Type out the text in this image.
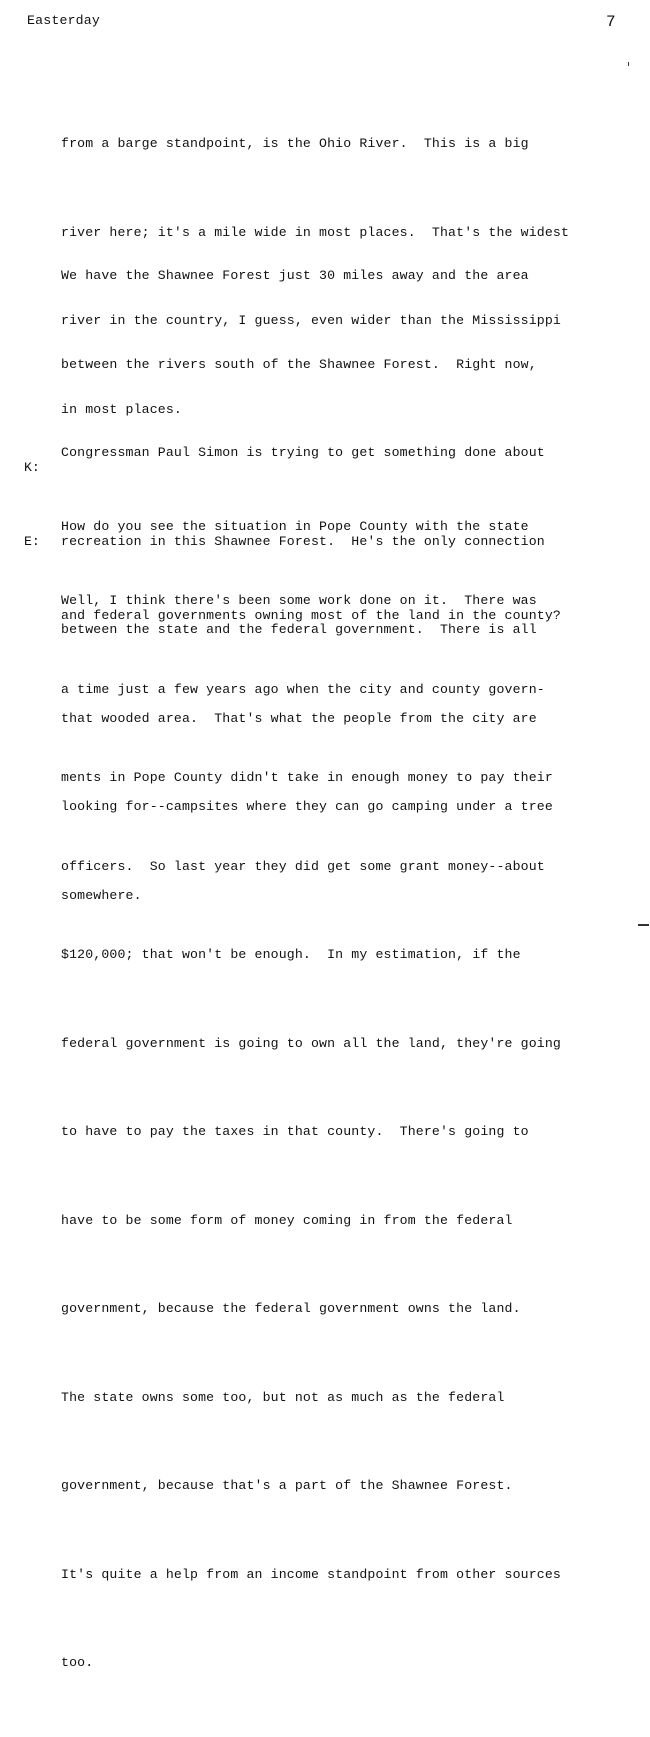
Easterday	7

from a barge standpoint, is the Ohio River.  This is a big

river here; it's a mile wide in most places.  That's the widest

river in the country, I guess, even wider than the Mississippi

in most places.

We have the Shawnee Forest just 30 miles away and the area

between the rivers south of the Shawnee Forest.  Right now,

Congressman Paul Simon is trying to get something done about

recreation in this Shawnee Forest.  He's the only connection

between the state and the federal government.  There is all

that wooded area.  That's what the people from the city are

looking for--campsites where they can go camping under a tree

somewhere.

K:

How do you see the situation in Pope County with the state

and federal governments owning most of the land in the county?

E:

Well, I think there's been some work done on it.  There was

a time just a few years ago when the city and county govern-

ments in Pope County didn't take in enough money to pay their

officers.  So last year they did get some grant money--about

$120,000; that won't be enough.  In my estimation, if the

federal government is going to own all the land, they're going

to have to pay the taxes in that county.  There's going to

have to be some form of money coming in from the federal

government, because the federal government owns the land.

The state owns some too, but not as much as the federal

government, because that's a part of the Shawnee Forest.

It's quite a help from an income standpoint from other sources

too.
